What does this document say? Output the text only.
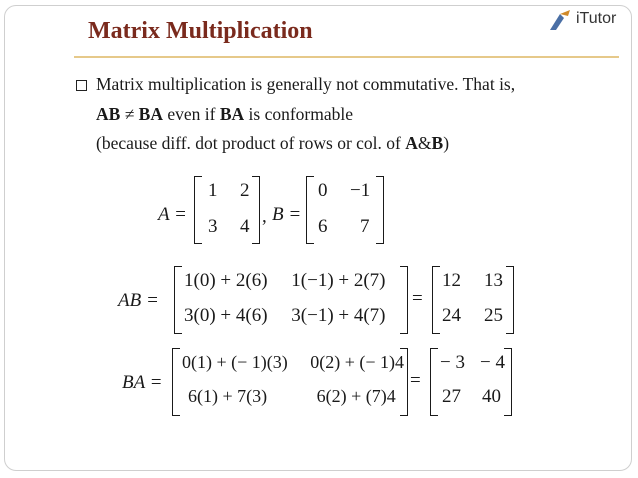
Matrix Multiplication	iTutor
Matrix multiplication is generally not commutative. That is,
AB ≠ BA even if BA is conformable
(because diff. dot product of rows or col. of A&B)
A =
1 2
3 4 , B =
0 −1
6 7
AB =
1(0) + 2(6)     1(−1) + 2(7)
3(0) + 4(6)     3(−1) + 4(7)
=
12 13
24 25
BA =
0(1) + (− 1)(3)     0(2) + (− 1)4
6(1) + 7(3)           6(2) + (7)4
=
− 3 − 4
27 40
